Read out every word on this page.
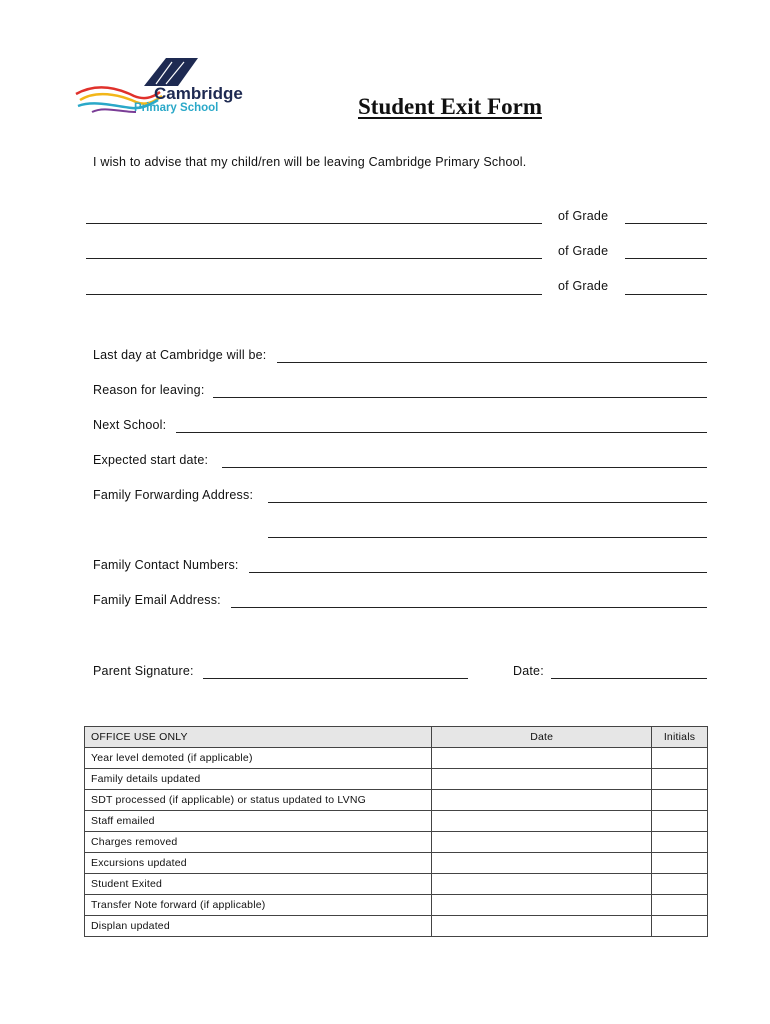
Cambridge
Primary School	Student Exit Form
I wish to advise that my child/ren will be leaving Cambridge Primary School.
of Grade
of Grade
of Grade
Last day at Cambridge will be:
Reason for leaving:
Next School:
Expected start date:
Family Forwarding Address:
Family Contact Numbers:
Family Email Address:
Parent Signature:	Date:
OFFICE USE ONLY	Date	Initials
Year level demoted (if applicable)		
Family details updated		
SDT processed (if applicable) or status updated to LVNG		
Staff emailed		
Charges removed		
Excursions updated		
Student Exited		
Transfer Note forward (if applicable)		
Displan updated		
